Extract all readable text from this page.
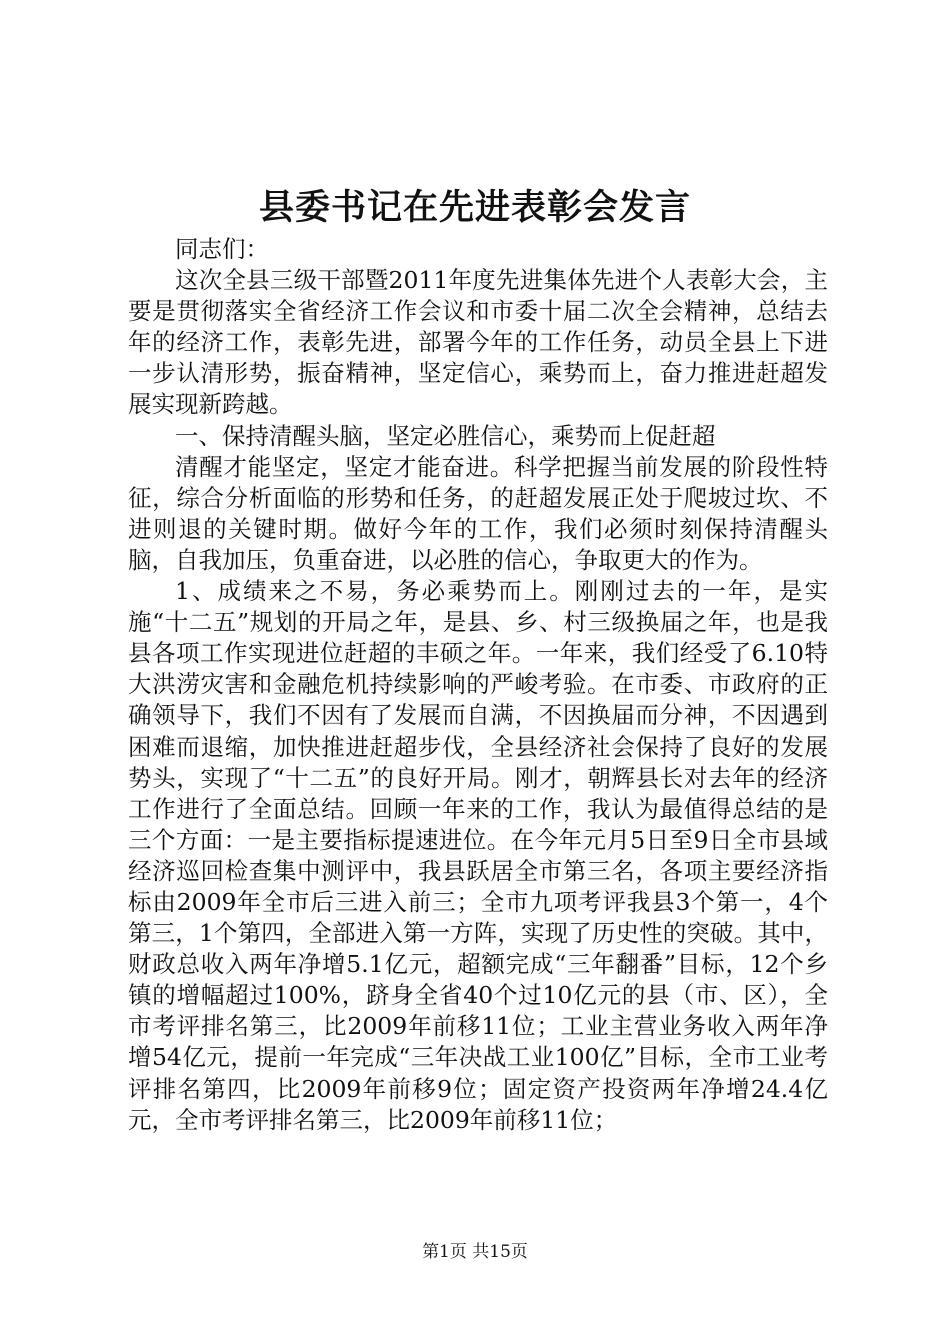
县委书记在先进表彰会发言

同志们：

这次全县三级干部暨2011年度先进集体先进个人表彰大会，主要是贯彻落实全省经济工作会议和市委十届二次全会精神，总结去年的经济工作，表彰先进，部署今年的工作任务，动员全县上下进一步认清形势，振奋精神，坚定信心，乘势而上，奋力推进赶超发展实现新跨越。

一、保持清醒头脑，坚定必胜信心，乘势而上促赶超

清醒才能坚定，坚定才能奋进。科学把握当前发展的阶段性特征，综合分析面临的形势和任务，的赶超发展正处于爬坡过坎、不进则退的关键时期。做好今年的工作，我们必须时刻保持清醒头脑，自我加压，负重奋进，以必胜的信心，争取更大的作为。

1、成绩来之不易，务必乘势而上。刚刚过去的一年，是实施“十二五”规划的开局之年，是县、乡、村三级换届之年，也是我县各项工作实现进位赶超的丰硕之年。一年来，我们经受了6.10特大洪涝灾害和金融危机持续影响的严峻考验。在市委、市政府的正确领导下，我们不因有了发展而自满，不因换届而分神，不因遇到困难而退缩，加快推进赶超步伐，全县经济社会保持了良好的发展势头，实现了“十二五”的良好开局。刚才，朝辉县长对去年的经济工作进行了全面总结。回顾一年来的工作，我认为最值得总结的是三个方面：一是主要指标提速进位。在今年元月5日至9日全市县域经济巡回检查集中测评中，我县跃居全市第三名，各项主要经济指标由2009年全市后三进入前三；全市九项考评我县3个第一，4个第三，1个第四，全部进入第一方阵，实现了历史性的突破。其中，财政总收入两年净增5.1亿元，超额完成“三年翻番”目标，12个乡镇的增幅超过100%，跻身全省40个过10亿元的县（市、区），全市考评排名第三，比2009年前移11位；工业主营业务收入两年净增54亿元，提前一年完成“三年决战工业100亿”目标，全市工业考评排名第四，比2009年前移9位；固定资产投资两年净增24.4亿元，全市考评排名第三，比2009年前移11位；

第1页 共15页
